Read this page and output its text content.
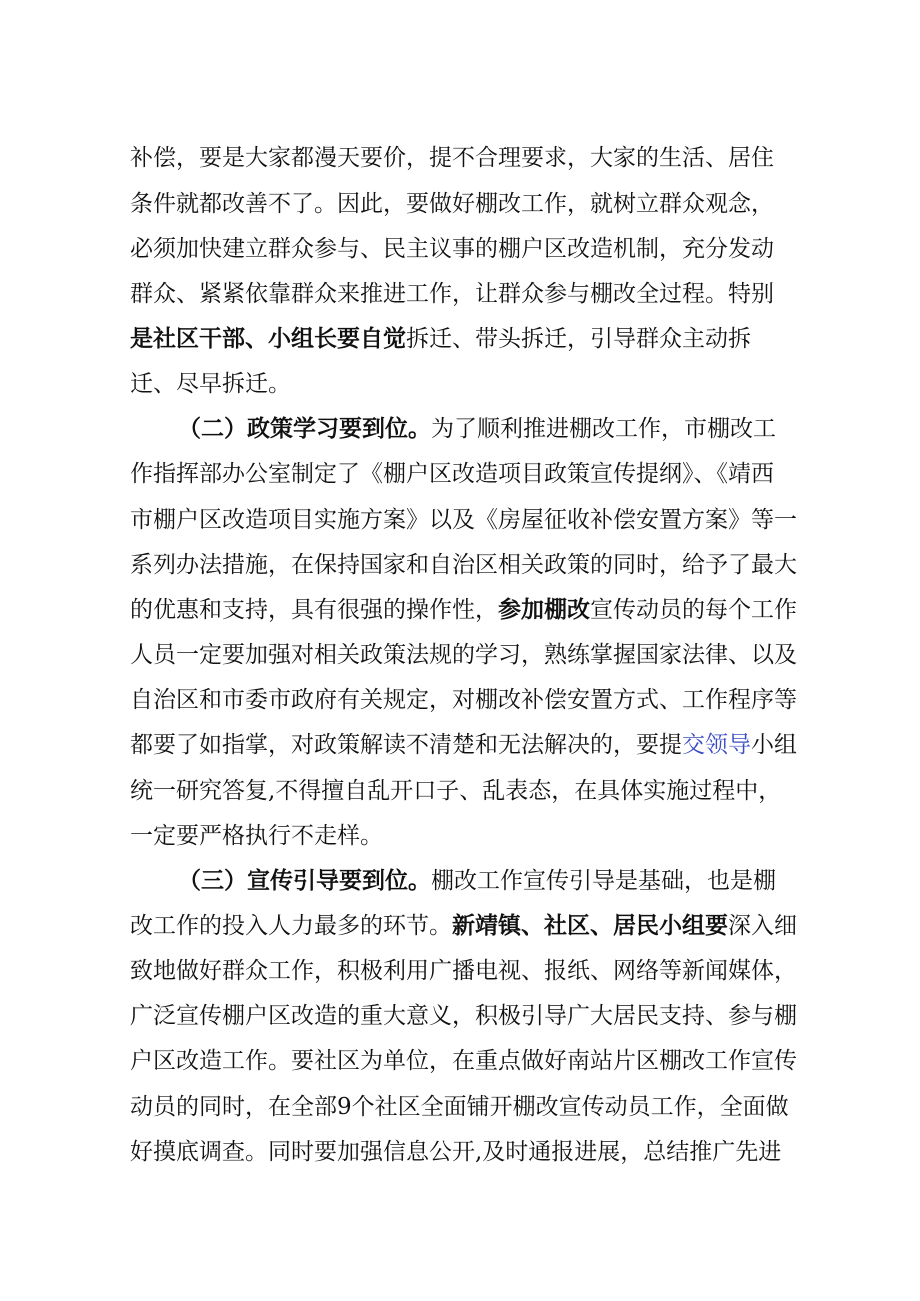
补偿，要是大家都漫天要价，提不合理要求，大家的生活、居住
条件就都改善不了。因此，要做好棚改工作，就树立群众观念，
必须加快建立群众参与、民主议事的棚户区改造机制，充分发动
群众、紧紧依靠群众来推进工作，让群众参与棚改全过程。特别
是社区干部、小组长要自觉拆迁、带头拆迁，引导群众主动拆
迁、尽早拆迁。
（二）政策学习要到位。为了顺利推进棚改工作，市棚改工
作指挥部办公室制定了《棚户区改造项目政策宣传提纲》、《靖西
市棚户区改造项目实施方案》以及《房屋征收补偿安置方案》等一
系列办法措施，在保持国家和自治区相关政策的同时，给予了最大
的优惠和支持，具有很强的操作性，参加棚改宣传动员的每个工作
人员一定要加强对相关政策法规的学习，熟练掌握国家法律、以及
自治区和市委市政府有关规定，对棚改补偿安置方式、工作程序等
都要了如指掌，对政策解读不清楚和无法解决的，要提交领导小组
统一研究答复,不得擅自乱开口子、乱表态，在具体实施过程中，
一定要严格执行不走样。
（三）宣传引导要到位。棚改工作宣传引导是基础，也是棚
改工作的投入人力最多的环节。新靖镇、社区、居民小组要深入细
致地做好群众工作，积极利用广播电视、报纸、网络等新闻媒体，
广泛宣传棚户区改造的重大意义，积极引导广大居民支持、参与棚
户区改造工作。要社区为单位，在重点做好南站片区棚改工作宣传
动员的同时，在全部9个社区全面铺开棚改宣传动员工作，全面做
好摸底调查。同时要加强信息公开,及时通报进展，总结推广先进
